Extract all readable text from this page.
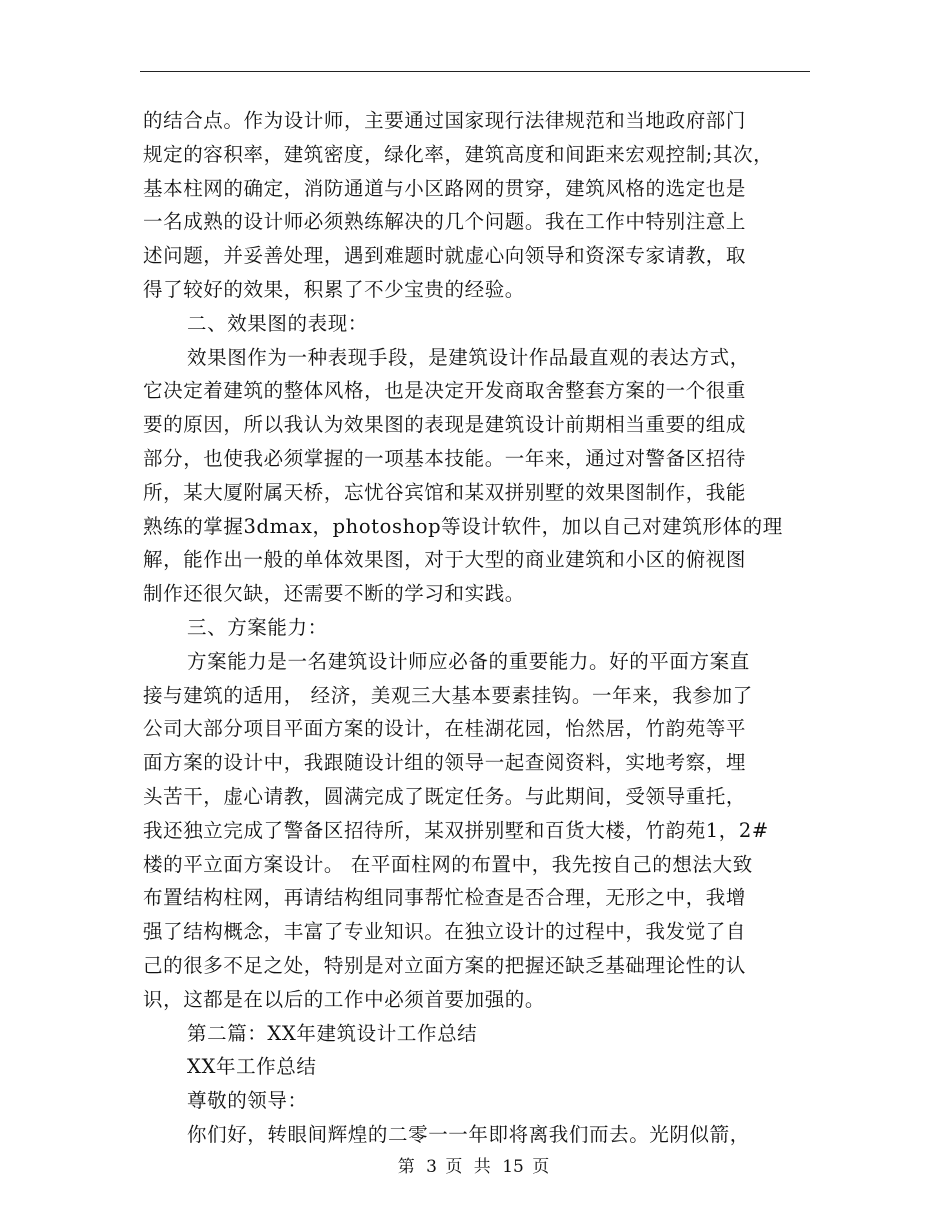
的结合点。作为设计师，主要通过国家现行法律规范和当地政府部门
规定的容积率，建筑密度，绿化率，建筑高度和间距来宏观控制;其次，
基本柱网的确定，消防通道与小区路网的贯穿，建筑风格的选定也是
一名成熟的设计师必须熟练解决的几个问题。我在工作中特别注意上
述问题，并妥善处理，遇到难题时就虚心向领导和资深专家请教，取
得了较好的效果，积累了不少宝贵的经验。
二、效果图的表现：
效果图作为一种表现手段，是建筑设计作品最直观的表达方式，
它决定着建筑的整体风格，也是决定开发商取舍整套方案的一个很重
要的原因，所以我认为效果图的表现是建筑设计前期相当重要的组成
部分，也使我必须掌握的一项基本技能。一年来，通过对警备区招待
所，某大厦附属天桥，忘忧谷宾馆和某双拼别墅的效果图制作，我能
熟练的掌握3dmax，photoshop等设计软件，加以自己对建筑形体的理
解，能作出一般的单体效果图，对于大型的商业建筑和小区的俯视图
制作还很欠缺，还需要不断的学习和实践。
三、方案能力：
方案能力是一名建筑设计师应必备的重要能力。好的平面方案直
接与建筑的适用， 经济，美观三大基本要素挂钩。一年来，我参加了
公司大部分项目平面方案的设计，在桂湖花园，怡然居，竹韵苑等平
面方案的设计中，我跟随设计组的领导一起查阅资料，实地考察，埋
头苦干，虚心请教，圆满完成了既定任务。与此期间，受领导重托，
我还独立完成了警备区招待所，某双拼别墅和百货大楼，竹韵苑1，2#
楼的平立面方案设计。 在平面柱网的布置中，我先按自己的想法大致
布置结构柱网，再请结构组同事帮忙检查是否合理，无形之中，我增
强了结构概念，丰富了专业知识。在独立设计的过程中，我发觉了自
己的很多不足之处，特别是对立面方案的把握还缺乏基础理论性的认
识，这都是在以后的工作中必须首要加强的。
第二篇：XX年建筑设计工作总结
XX年工作总结
尊敬的领导：
你们好，转眼间辉煌的二零一一年即将离我们而去。光阴似箭，
第 3 页 共 15 页
